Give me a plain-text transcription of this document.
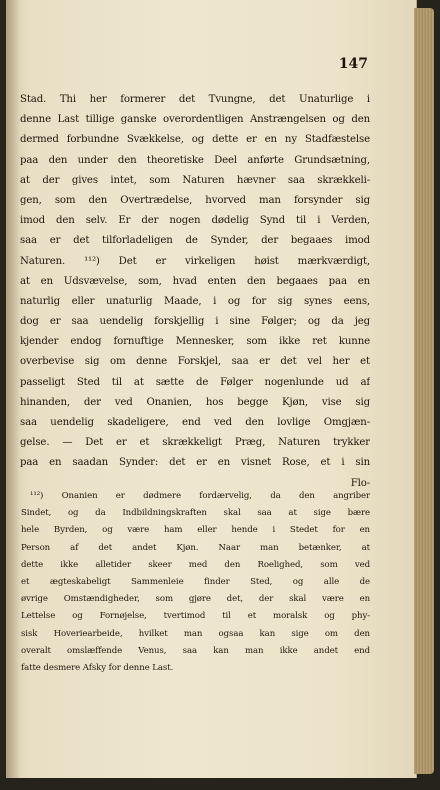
147
Stad. Thi her formerer det Tvungne, det Unaturlige i
denne Last tillige ganske overordentligen Anstrængelsen og den
dermed forbundne Svækkelse, og dette er en ny Stadfæstelse
paa den under den theoretiske Deel anførte Grundsætning,
at der gives intet, som Naturen hævner saa skrækkeli-
gen, som den Overtrædelse, hvorved man forsynder sig
imod den selv. Er der nogen dødelig Synd til i Verden,
saa er det tilforladeligen de Synder, der begaaes imod
Naturen. ¹¹²) Det er virkeligen høist mærkværdigt,
at en Udsvævelse, som, hvad enten den begaaes paa en
naturlig eller unaturlig Maade, i og for sig synes eens,
dog er saa uendelig forskjellig i sine Følger; og da jeg
kjender endog fornuftige Mennesker, som ikke ret kunne
overbevise sig om denne Forskjel, saa er det vel her et
passeligt Sted til at sætte de Følger nogenlunde ud af
hinanden, der ved Onanien, hos begge Kjøn, vise sig
saa uendelig skadeligere, end ved den lovlige Omgjæn-
gelse. — Det er et skrækkeligt Præg, Naturen trykker
paa en saadan Synder: det er en visnet Rose, et i sin
Flo-
¹¹²) Onanien er dødmere fordærvelig, da den angriber
Sindet, og da Indbildningskraften skal saa at sige bære
hele Byrden, og være ham eller hende i Stedet for en
Person af det andet Kjøn. Naar man betænker, at
dette ikke alletider skeer med den Roelighed, som ved
et ægteskabeligt Sammenleie finder Sted, og alle de
øvrige Omstændigheder, som gjøre det, der skal være en
Lettelse og Fornøjelse, tvertimod til et moralsk og phy-
sisk Hoveriearbeide, hvilket man ogsaa kan sige om den
overalt omslæffende Venus, saa kan man ikke andet end
fatte desmere Afsky for denne Last.
